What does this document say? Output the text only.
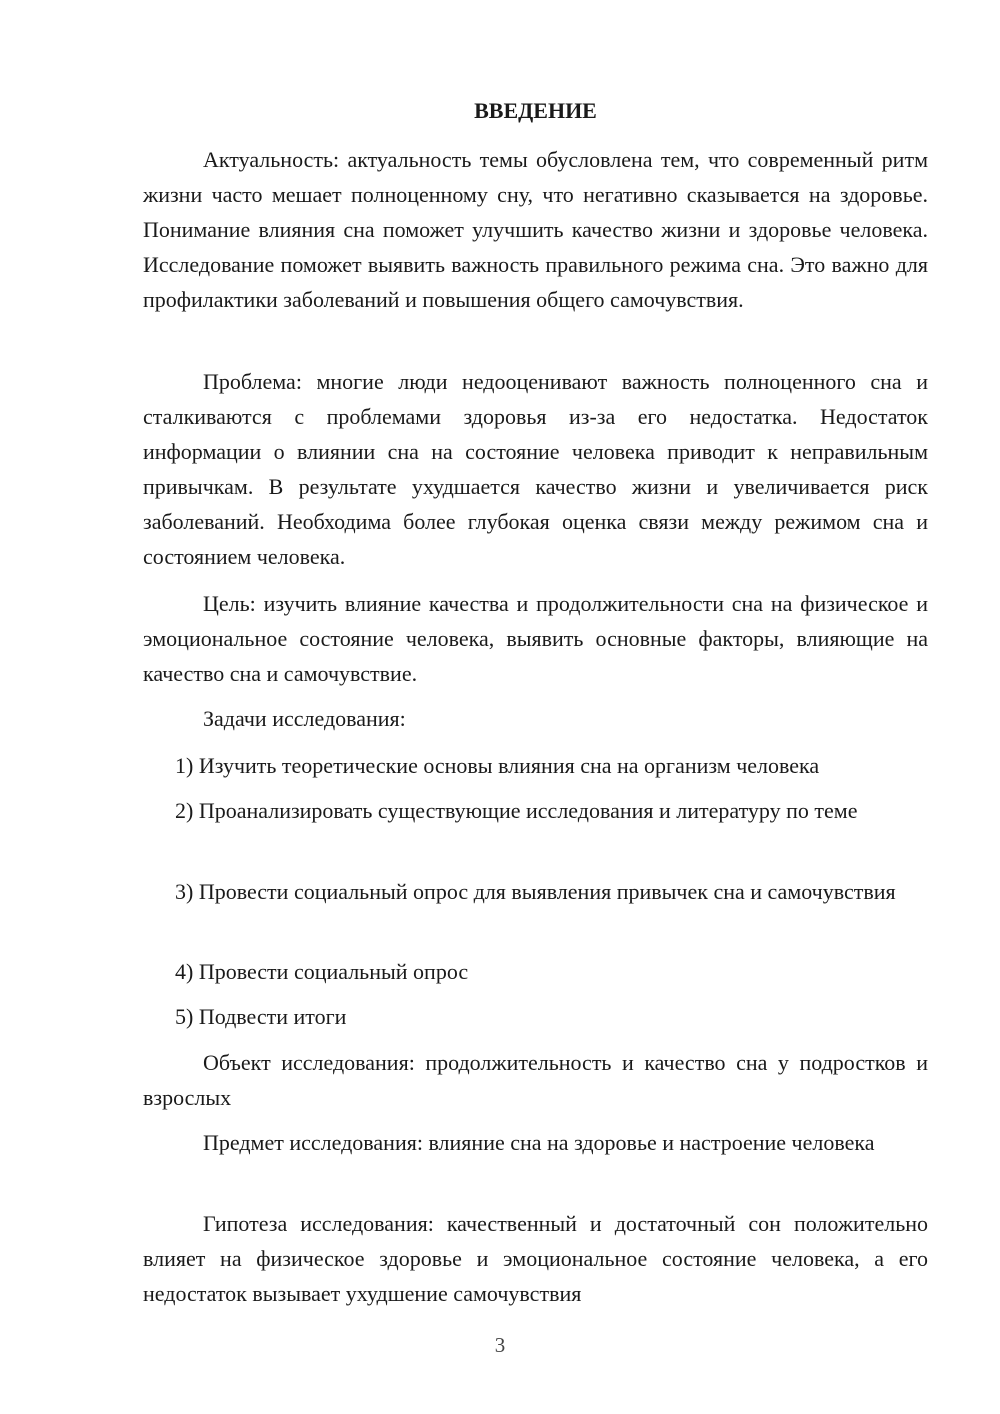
ВВЕДЕНИЕ

Актуальность: актуальность темы обусловлена тем, что современный ритм жизни часто мешает полноценному сну, что негативно сказывается на здоровье. Понимание влияния сна поможет улучшить качество жизни и здоровье человека. Исследование поможет выявить важность правильного режима сна. Это важно для профилактики заболеваний и повышения общего самочувствия.

Проблема: многие люди недооценивают важность полноценного сна и сталкиваются с проблемами здоровья из-за его недостатка. Недостаток информации о влиянии сна на состояние человека приводит к неправильным привычкам. В результате ухудшается качество жизни и увеличивается риск заболеваний. Необходима более глубокая оценка связи между режимом сна и состоянием человека.

Цель: изучить влияние качества и продолжительности сна на физическое и эмоциональное состояние человека, выявить основные факторы, влияющие на качество сна и самочувствие.

Задачи исследования:

1) Изучить теоретические основы влияния сна на организм человека

2) Проанализировать существующие исследования и литературу по теме

3) Провести социальный опрос для выявления привычек сна и самочувствия

4) Провести социальный опрос

5) Подвести итоги

Объект исследования: продолжительность и качество сна у подростков и взрослых

Предмет исследования: влияние сна на здоровье и настроение человека

Гипотеза исследования: качественный и достаточный сон положительно влияет на физическое здоровье и эмоциональное состояние человека, а его недостаток вызывает ухудшение самочувствия

3
